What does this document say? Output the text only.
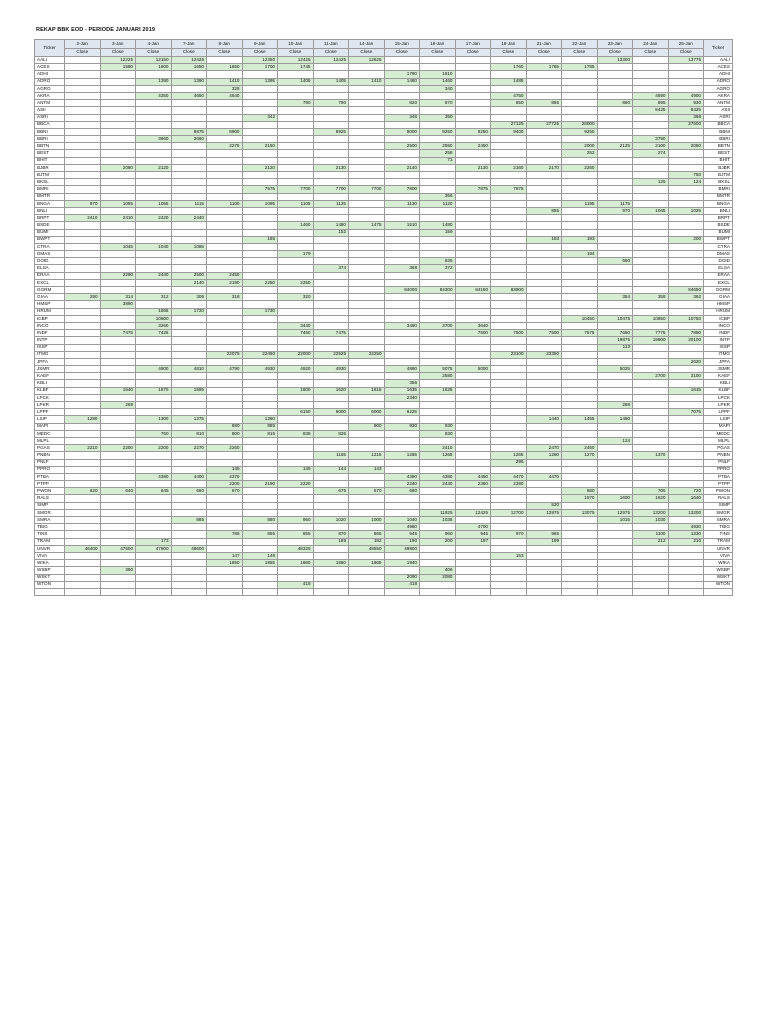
REKAP BBK EOD - PERIODE JANUARI 2019
Ticker	2-Jan	3-Jan	4-Jan	7-Jan	8-Jan	9-Jan	10-Jan	11-Jan	14-Jan	15-Jan	16-Jan	17-Jan	18-Jan	21-Jan	22-Jan	23-Jan	24-Jan	25-Jan	Ticker
	Close	Close	Close	Close	Close	Close	Close	Close	Close	Close	Close	Close	Close	Close	Close	Close	Close	Close	
AALI		12225	12150	12425		12350	12425	12425	12625							13300		13775	AALI
ACES		1580	1600	1650	1650	1700	1745						1760	1785	1785				ACES
ADHI										1780	1810								ADHI
ADRO			1390	1390	1410	1395	1405	1405	1410	1460	1460		1485						ADRO
AGRO					328						340								AGRO
AKRA			4350	4650	4640								4750				4690	4900	AKRA
ANTM							790	790		820	870		850	855		860	895	930	ANTM
ASII																	8425	8425	ASII
ASRI						342				346	350							368	ASRI
BBCA													27125	27725	28000			27500	BBCA
BBNI				8875	8900			8925		9000	9250	9250	9400		9250				BBNI
BBRI			3660	3660													3790		BBRI
BBTN					2275	2150				2500	2550	2450			2000	2125	2100	2050	BBTN
BEST											258				252		274		BEST
BHIT											71								BHIT
BJBR		2080	2120			2120		2130		2140		2130	2160	2170	2260				BJBR
BJTM																		750	BJTM
BKSL																	125	124	BKSL
BMRI						7575	7700	7700	7700	7800		7875	7875						BMRI
BMTR											356								BMTR
BNGA	970	1055	1055	1115	1100	1095	1105	1125		1130	1120				1195	1175			BNGA
BNLI														855		970	1045	1025	BNLI
BRPT	2410	2410	2420	2440															BRPT
BSDE							1460	1480	1475	1510	1480								BSDE
BUMI								152			159								BUMI
BWPT						185								193	193			200	BWPT
CTRA		1045	1040	1085															CTRA
DMAS							179								194				DMAS
DOID											635					660			DOID
ELSA								374		368	372								ELSA
ERAA		2290	2440	2500	2450														ERAA
EXCL				2140	2190	2250	2250												EXCL
GGRM										84000	84300	84150	83900					84650	GGRM
GIAA	290	314	312	306	318		320									354	358	362	GIAA
HMSP		3890																	HMSP
HRUM			1565	1720		1730													HRUM
ICBP			10600												10450	10475	10850	10750	ICBP
INCO			3260				3440			3490	3700	3640							INCO
INDF		7475	7425				7450	7475				7500	7500	7500	7575	7650	7775	7850	INDF
INTP																19875	19900	20100	INTP
ISSP																113			ISSP
ITMG					22075	22450	22000	22525	22250				23100	23350					ITMG
JPFA																		2620	JPFA
JSMR			4800	4810	4790	4930	4920	4930		4890	5075	5000				5025			JSMR
KAEF											2580						2700	3100	KAEF
KBLI										356									KBLI
KLBF		1540	1570	1595			1600	1620	1615	1635	1625							1615	KLBF
LPCK										2340									LPCK
LPKR		268														288			LPKR
LPPF							6150	6000	6000	6225								7075	LPPF
LSIP	1280		1300	1375		1360								1440	1455	1460			LSIP
MAPI					880	885			900	930	930								MAPI
MEDC			760	810	800	815	835	835			830								MEDC
MLPL																124			MLPL
PGAS	2210	2200	2200	2270	2260						2410			2470	2460				PGAS
PNBN								1165	1215	1265	1265		1265	1260	1270		1370		PNBN
PNLF													296						PNLF
PPRO					145		145	144	143										PPRO
PTBA			4380	4400	4370					4390	4380	4450	4470	4470					PTBA
PTPP					2200	2190	2220			2240	2430	2360	2390						PTPP
PWON	620	640	645	660	670			675	670	680					680		705	720	PWON
RALS															1570	1600	1620	1640	RALS
SIMP														530					SIMP
SMGR											11925	12425	12700	12975	13075	12975	13200	13200	SMGR
SMRA				885		880	950	1020	1000	1040	1035					1015	1030		SMRA
TBIG										4980		4700						4930	TBIG
TINS					785	855	855	870	865	945	960	945	970	965			1100	1330	TINS
TRAM			173					189	182	190	200	197		199			212	210	TRAM
UNVR	46400	47500	47800	48600			48325		48550	49800									UNVR
VIVA					147	148							153						VIVA
WIKA					1850	1855	1860	1860	1865	1940									WIKA
WSBP		390									406								WSBP
WSKT										2090	2080								WSKT
WTON							418			418									WTON
